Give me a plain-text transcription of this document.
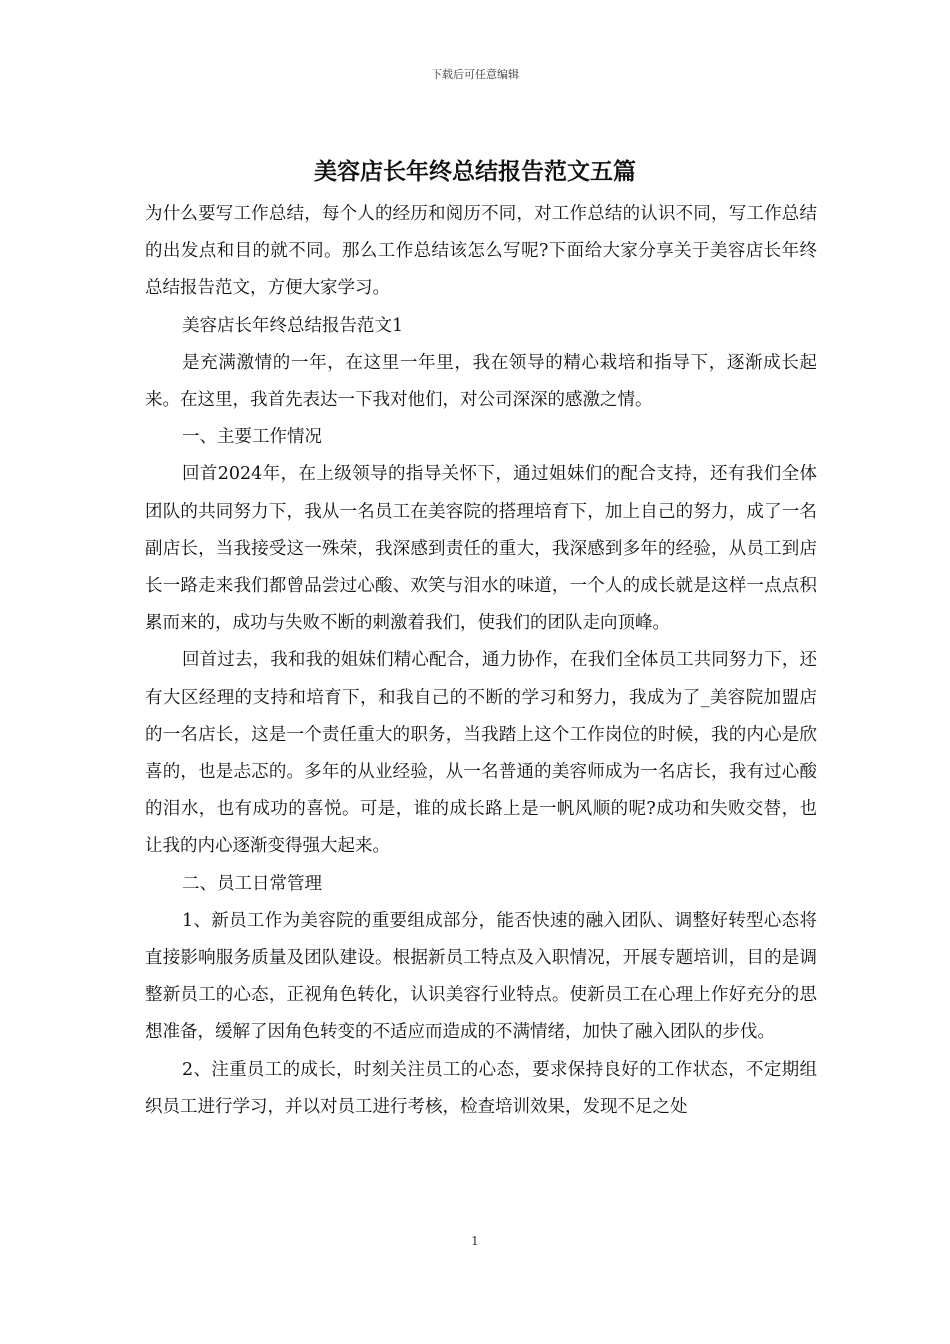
下载后可任意编辑
美容店长年终总结报告范文五篇

为什么要写工作总结，每个人的经历和阅历不同，对工作总结的认识不同，写工作总结的出发点和目的就不同。那么工作总结该怎么写呢?下面给大家分享关于美容店长年终总结报告范文，方便大家学习。

美容店长年终总结报告范文1

是充满激情的一年，在这里一年里，我在领导的精心栽培和指导下，逐渐成长起来。在这里，我首先表达一下我对他们，对公司深深的感激之情。

一、主要工作情况

回首2024年，在上级领导的指导关怀下，通过姐妹们的配合支持，还有我们全体团队的共同努力下，我从一名员工在美容院的搭理培育下，加上自己的努力，成了一名副店长，当我接受这一殊荣，我深感到责任的重大，我深感到多年的经验，从员工到店长一路走来我们都曾品尝过心酸、欢笑与泪水的味道，一个人的成长就是这样一点点积累而来的，成功与失败不断的刺激着我们，使我们的团队走向顶峰。

回首过去，我和我的姐妹们精心配合，通力协作，在我们全体员工共同努力下，还有大区经理的支持和培育下，和我自己的不断的学习和努力，我成为了_美容院加盟店的一名店长，这是一个责任重大的职务，当我踏上这个工作岗位的时候，我的内心是欣喜的，也是忐忑的。多年的从业经验，从一名普通的美容师成为一名店长，我有过心酸的泪水，也有成功的喜悦。可是，谁的成长路上是一帆风顺的呢?成功和失败交替，也让我的内心逐渐变得强大起来。

二、员工日常管理

1、新员工作为美容院的重要组成部分，能否快速的融入团队、调整好转型心态将直接影响服务质量及团队建设。根据新员工特点及入职情况，开展专题培训，目的是调整新员工的心态，正视角色转化，认识美容行业特点。使新员工在心理上作好充分的思想准备，缓解了因角色转变的不适应而造成的不满情绪，加快了融入团队的步伐。

2、注重员工的成长，时刻关注员工的心态，要求保持良好的工作状态，不定期组织员工进行学习，并以对员工进行考核，检查培训效果，发现不足之处

1
